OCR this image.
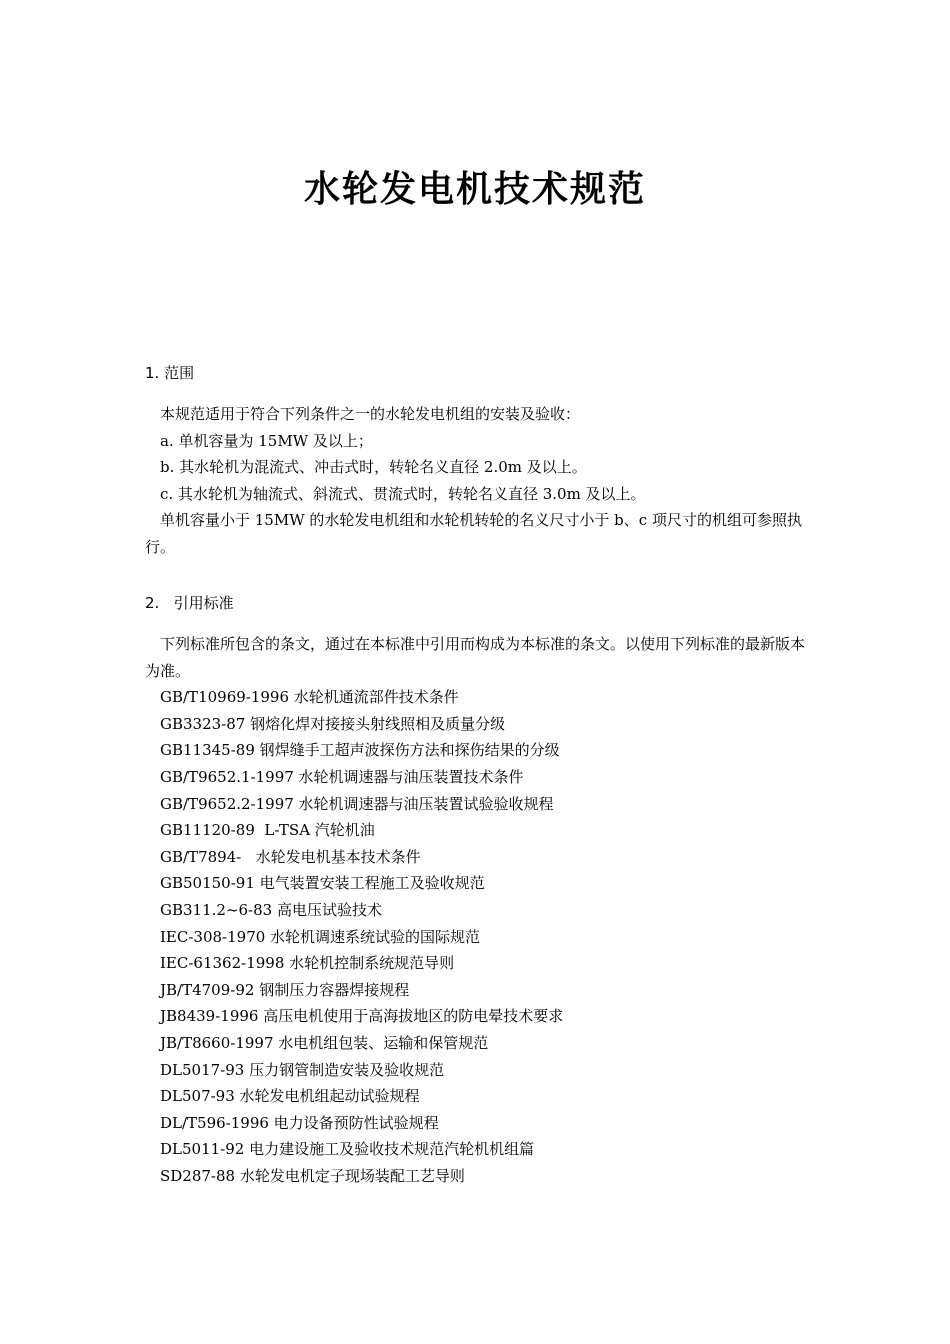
水轮发电机技术规范
1. 范围

本规范适用于符合下列条件之一的水轮发电机组的安装及验收：

a. 单机容量为 15MW 及以上；

b. 其水轮机为混流式、冲击式时，转轮名义直径 2.0m 及以上。

c. 其水轮机为轴流式、斜流式、贯流式时，转轮名义直径 3.0m 及以上。

单机容量小于 15MW 的水轮发电机组和水轮机转轮的名义尺寸小于 b、c 项尺寸的机组可参照执行。

2.   引用标准

下列标准所包含的条文，通过在本标准中引用而构成为本标准的条文。以使用下列标准的最新版本为准。

GB/T10969-1996 水轮机通流部件技术条件
GB3323-87 钢熔化焊对接接头射线照相及质量分级
GB11345-89 钢焊缝手工超声波探伤方法和探伤结果的分级
GB/T9652.1-1997 水轮机调速器与油压装置技术条件
GB/T9652.2-1997 水轮机调速器与油压装置试验验收规程
GB11120-89  L-TSA 汽轮机油
GB/T7894-   水轮发电机基本技术条件
GB50150-91 电气装置安装工程施工及验收规范
GB311.2~6-83 高电压试验技术
IEC-308-1970 水轮机调速系统试验的国际规范
IEC-61362-1998 水轮机控制系统规范导则
JB/T4709-92 钢制压力容器焊接规程
JB8439-1996 高压电机使用于高海拔地区的防电晕技术要求
JB/T8660-1997 水电机组包装、运输和保管规范
DL5017-93 压力钢管制造安装及验收规范
DL507-93 水轮发电机组起动试验规程
DL/T596-1996 电力设备预防性试验规程
DL5011-92 电力建设施工及验收技术规范汽轮机机组篇
SD287-88 水轮发电机定子现场装配工艺导则
